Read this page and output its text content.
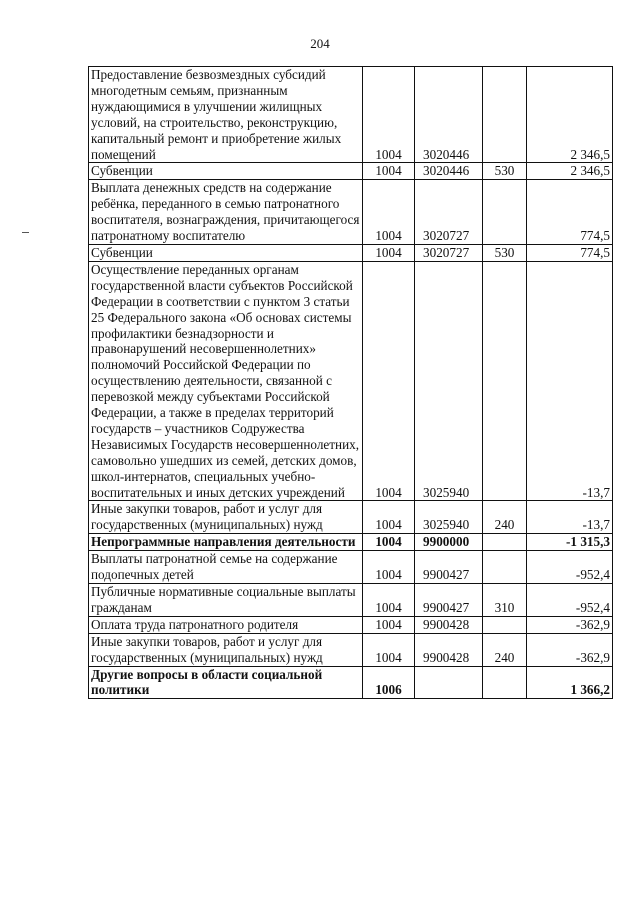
204
Предоставление безвозмездных субсидий многодетным семьям, признанным нуждающимися в улучшении жилищных условий, на строительство, реконструкцию, капитальный ремонт и приобретение жилых помещений	1004	3020446		2 346,5
Субвенции	1004	3020446	530	2 346,5
Выплата денежных средств на содержание ребёнка, переданного в семью патронатного воспитателя, вознаграждения, причитающегося патронатному воспитателю	1004	3020727		774,5
Субвенции	1004	3020727	530	774,5
Осуществление переданных органам государственной власти субъектов Российской Федерации в соответствии с пунктом 3 статьи 25 Федерального закона «Об основах системы профилактики безнадзорности и правонарушений несовершеннолетних» полномочий Российской Федерации по осуществлению деятельности, связанной с перевозкой между субъектами Российской Федерации, а также в пределах территорий государств – участников Содружества Независимых Государств несовершеннолетних, самовольно ушедших из семей, детских домов, школ-интернатов, специальных учебно-воспитательных и иных детских учреждений	1004	3025940		-13,7
Иные закупки товаров, работ и услуг для государственных (муниципальных) нужд	1004	3025940	240	-13,7
Непрограммные направления деятельности	1004	9900000		-1 315,3
Выплаты патронатной семье на содержание подопечных детей	1004	9900427		-952,4
Публичные нормативные социальные выплаты гражданам	1004	9900427	310	-952,4
Оплата труда патронатного родителя	1004	9900428		-362,9
Иные закупки товаров, работ и услуг для государственных (муниципальных) нужд	1004	9900428	240	-362,9
Другие вопросы в области социальной политики	1006			1 366,2
